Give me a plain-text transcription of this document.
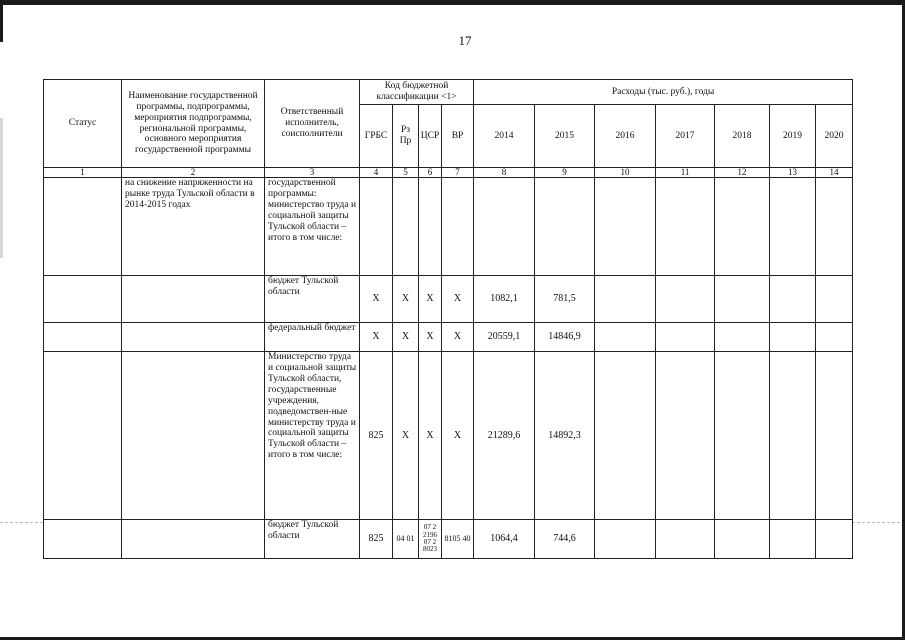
17
Статус	Наименование государственной программы, подпрограммы, мероприятия подпрограммы, региональной программы, основного мероприятия государственной программы	Ответственный исполнитель, соисполнители	Код бюджетной классификации <1>				Расходы (тыс. руб.), годы						
			ГРБС	Рз Пр	ЦСР	ВР	2014	2015	2016	2017	2018	2019	2020
1	2	3	4	5	6	7	8	9	10	11	12	13	14
	на снижение напряженности на рынке труда Тульской области в 2014-2015 годах	государственной программы: министерство труда и социальной защиты Тульской области – итого в том числе:											
		бюджет Тульской области	X	X	X	X	1082,1	781,5					
		федеральный бюджет	X	X	X	X	20559,1	14846,9					
		Министерство труда и социальной защиты Тульской области, государственные учреждения, подведомствен-ные министерству труда и социальной защиты Тульской области – итого в том числе:	825	X	X	X	21289,6	14892,3					
		бюджет Тульской области	825	04 01	07 2 2196 07 2 8023	8105 40	1064,4	744,6					
